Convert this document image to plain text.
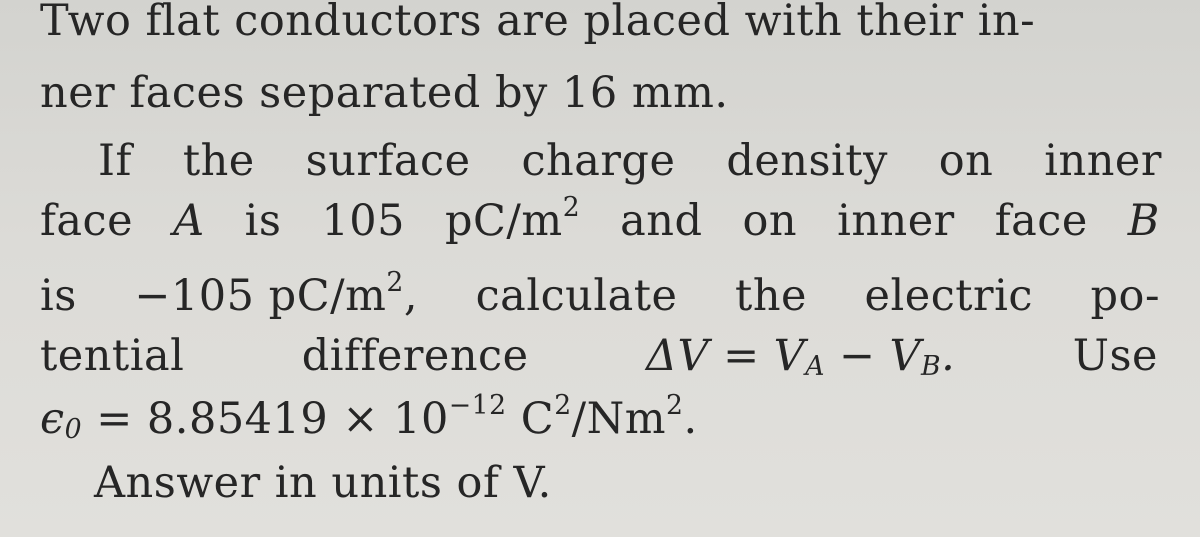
Two flat conductors are placed with their in-
ner faces separated by 16 mm.
If the surface charge density on inner
face A is 105 $pC/m^2$ and on inner face B
is −105 $pC/m^2$, calculate the electric po-
tential	difference	$\Delta V = V_A - V_B$.	Use
$\epsilon_0 = 8.85419 \times 10^{-12}$ $C^2/Nm^2$.
Answer in units of V.
